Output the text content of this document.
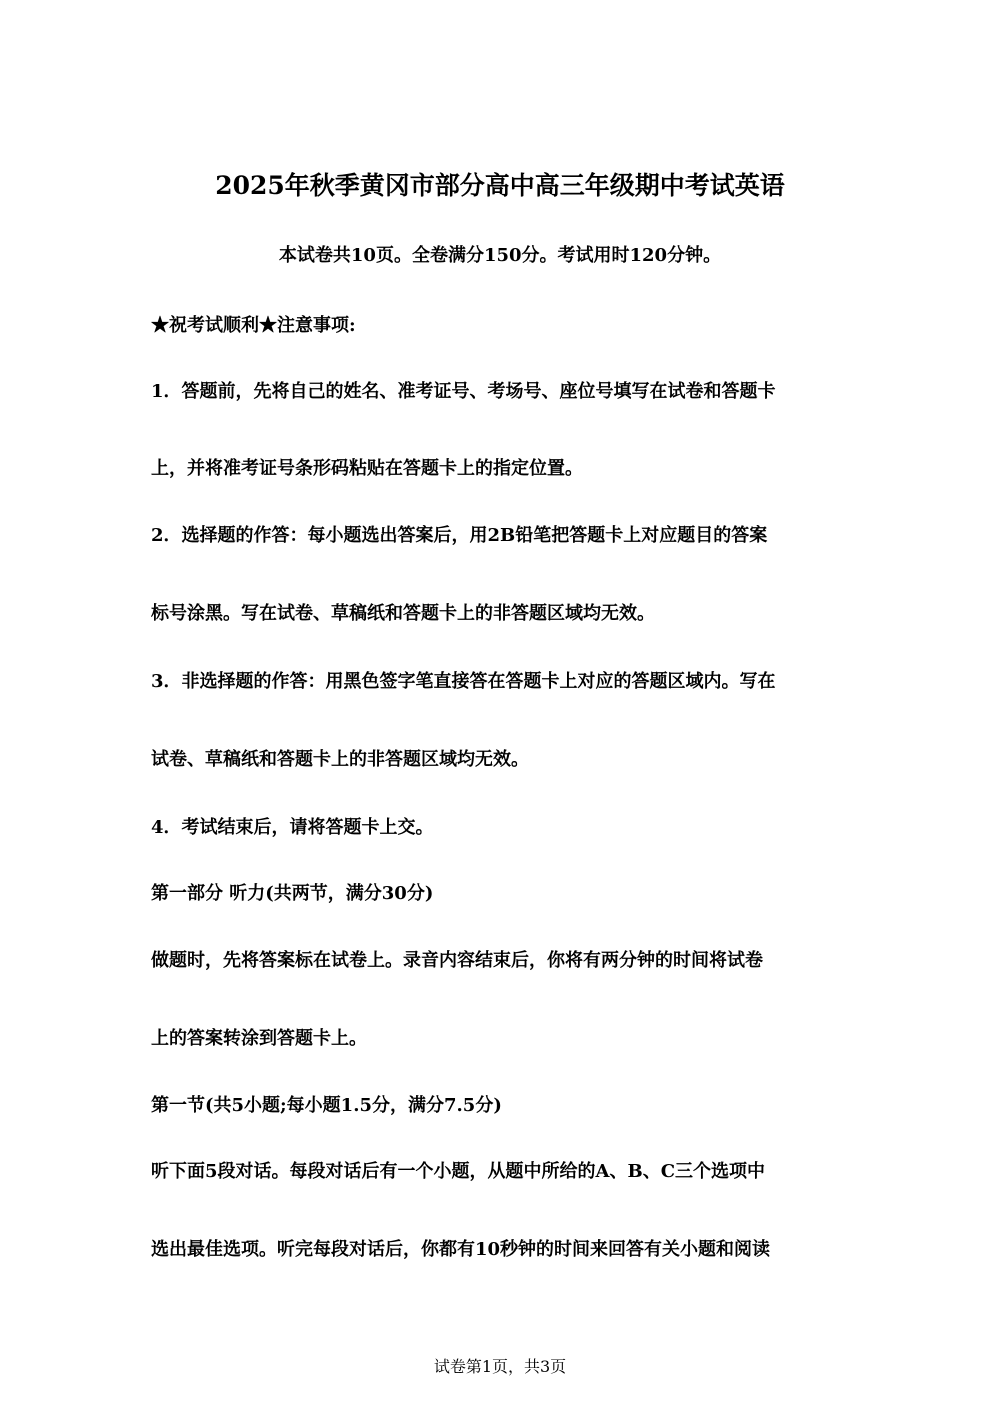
2025年秋季黄冈市部分高中高三年级期中考试英语
本试卷共10页。全卷满分150分。考试用时120分钟。
★祝考试顺利★注意事项:
1．答题前，先将自己的姓名、准考证号、考场号、座位号填写在试卷和答题卡
上，并将准考证号条形码粘贴在答题卡上的指定位置。
2．选择题的作答：每小题选出答案后，用2B铅笔把答题卡上对应题目的答案
标号涂黑。写在试卷、草稿纸和答题卡上的非答题区域均无效。
3．非选择题的作答：用黑色签字笔直接答在答题卡上对应的答题区域内。写在
试卷、草稿纸和答题卡上的非答题区域均无效。
4．考试结束后，请将答题卡上交。
第一部分 听力(共两节，满分30分)
做题时，先将答案标在试卷上。录音内容结束后，你将有两分钟的时间将试卷
上的答案转涂到答题卡上。
第一节(共5小题;每小题1.5分，满分7.5分)
听下面5段对话。每段对话后有一个小题，从题中所给的A、B、C三个选项中
选出最佳选项。听完每段对话后，你都有10秒钟的时间来回答有关小题和阅读
试卷第1页，共3页
